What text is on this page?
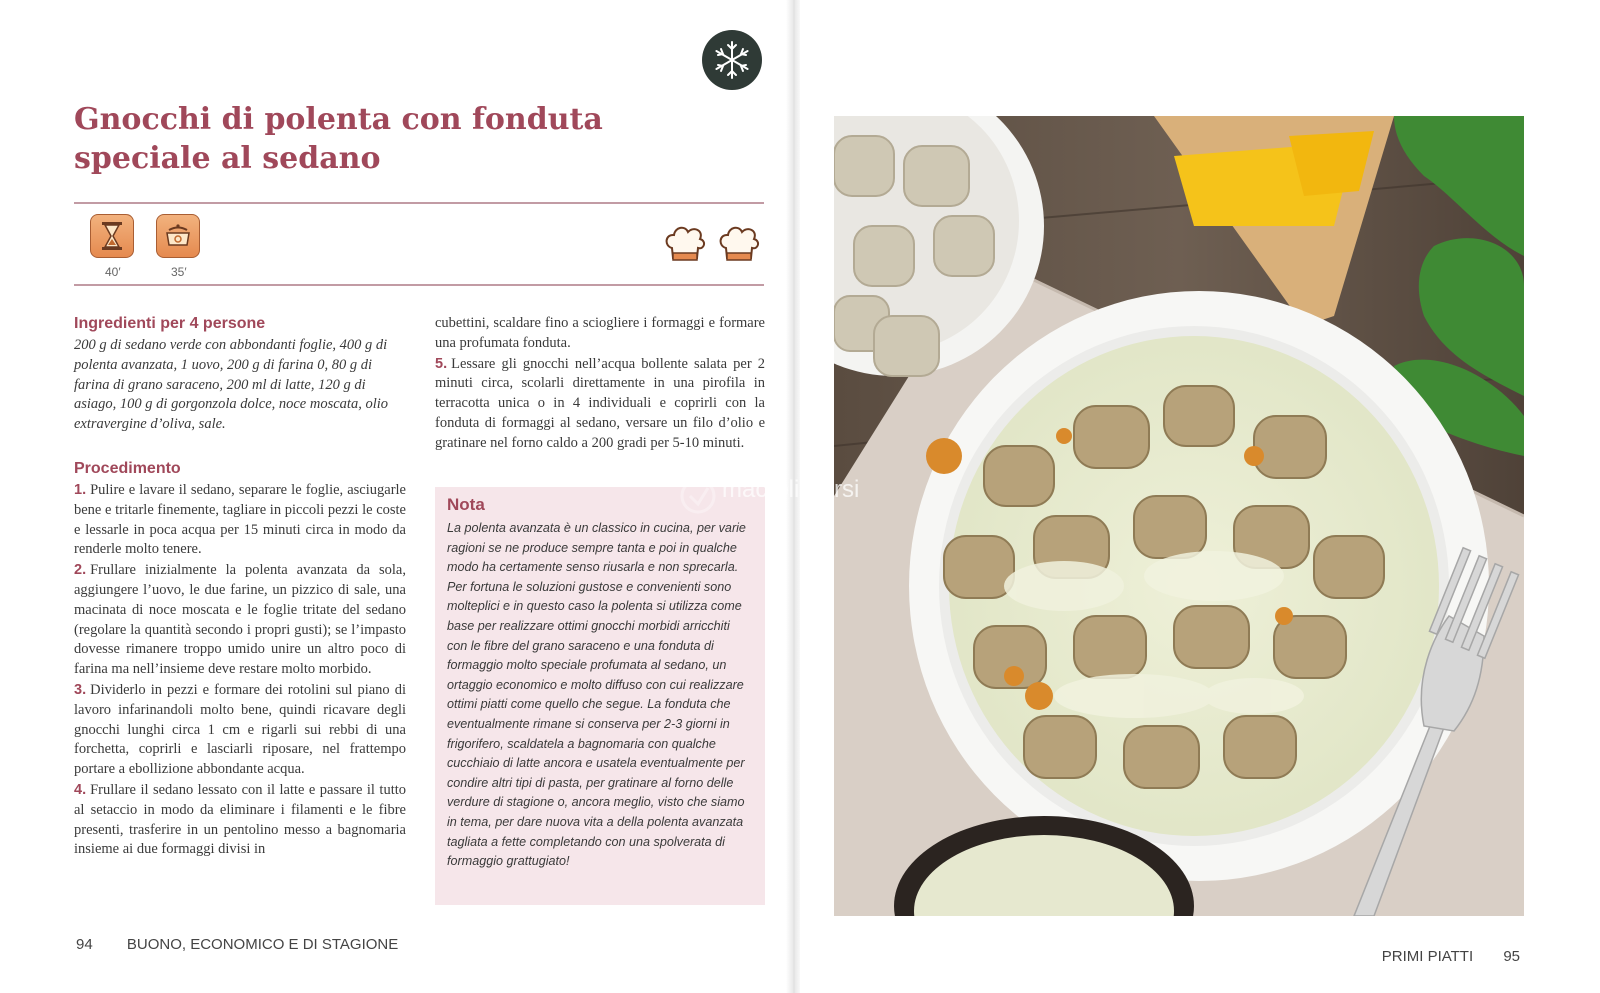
Gnocchi di polenta con fonduta speciale al sedano
40′	35′
Ingredienti per 4 persone

200 g di sedano verde con abbondanti foglie, 400 g di polenta avanzata, 1 uovo, 200 g di farina 0, 80 g di farina di grano saraceno, 200 ml di latte, 120 g di asiago, 100 g di gorgonzola dolce, noce moscata, olio extravergine d’oliva, sale.

Procedimento

1. Pulire e lavare il sedano, separare le foglie, asciugarle bene e tritarle finemente, tagliare in piccoli pezzi le coste e lessarle in poca acqua per 15 minuti circa in modo da renderle molto tenere.

2. Frullare inizialmente la polenta avanzata da sola, aggiungere l’uovo, le due farine, un pizzico di sale, una macinata di noce moscata e le foglie tritate del sedano (regolare la quantità secondo i propri gusti); se l’impasto dovesse rimanere troppo umido unire un altro poco di farina ma nell’insieme deve restare molto morbido.

3. Dividerlo in pezzi e formare dei rotolini sul piano di lavoro infarinandoli molto bene, quindi ricavare degli gnocchi lunghi circa 1 cm e rigarli sui rebbi di una forchetta, coprirli e lasciarli riposare, nel frattempo portare a ebollizione abbondante acqua.

4. Frullare il sedano lessato con il latte e passare il tutto al setaccio in modo da eliminare i filamenti e le fibre presenti, trasferire in un pentolino messo a bagnomaria insieme ai due formaggi divisi in

cubettini, scaldare fino a sciogliere i formaggi e formare una profumata fonduta.

5. Lessare gli gnocchi nell’acqua bollente salata per 2 minuti circa, scolarli direttamente in una pirofila in terracotta unica o in 4 individuali e coprirli con la fonduta di formaggi al sedano, versare un filo d’olio e gratinare nel forno caldo a 200 gradi per 5-10 minuti.

Nota

La polenta avanzata è un classico in cucina, per varie ragioni se ne produce sempre tanta e poi in qualche modo ha certamente senso riusarla e non sprecarla. Per fortuna le soluzioni gustose e convenienti sono molteplici e in questo caso la polenta si utilizza come base per realizzare ottimi gnocchi morbidi arricchiti con le fibre del grano saraceno e una fonduta di formaggio molto speciale profumata al sedano, un ortaggio economico e molto diffuso con cui realizzare ottimi piatti come quello che segue. La fonduta che eventualmente rimane si conserva per 2-3 giorni in frigorifero, scaldatela a bagnomaria con qualche cucchiaio di latte ancora e usatela eventualmente per condire altri tipi di pasta, per gratinare al forno delle verdure di stagione o, ancora meglio, visto che siamo in tema, per dare nuova vita a della polenta avanzata tagliata a fette completando con una spolverata di formaggio grattugiato!

94 BUONO, ECONOMICO E DI STAGIONE
PRIMI PIATTI 95
macrolibrarsi
